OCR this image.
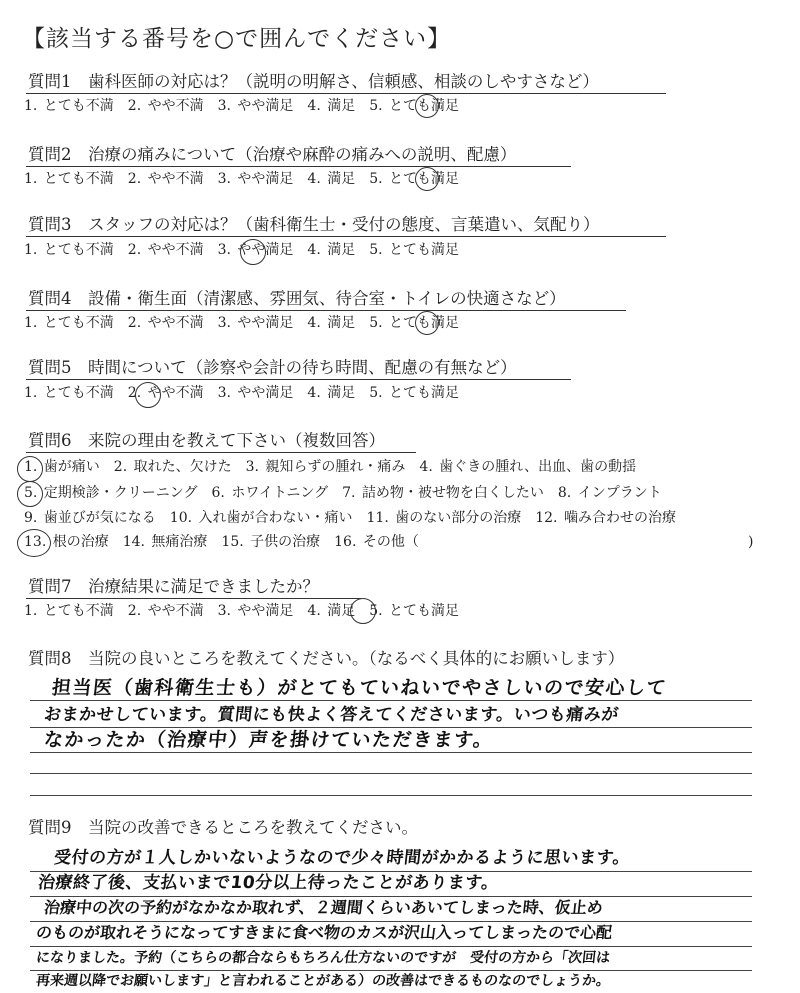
【該当する番号を○で囲んでください】
質問1　歯科医師の対応は？（説明の明解さ、信頼感、相談のしやすさなど）
1. とても不満　2. やや不満　3. やや満足　4. 満足　5. とても満足
質問2　治療の痛みについて（治療や麻酔の痛みへの説明、配慮）
1. とても不満　2. やや不満　3. やや満足　4. 満足　5. とても満足
質問3　スタッフの対応は？（歯科衛生士・受付の態度、言葉遣い、気配り）
1. とても不満　2. やや不満　3. やや満足　4. 満足　5. とても満足
質問4　設備・衛生面（清潔感、雰囲気、待合室・トイレの快適さなど）
1. とても不満　2. やや不満　3. やや満足　4. 満足　5. とても満足
質問5　時間について（診察や会計の待ち時間、配慮の有無など）
1. とても不満　2. やや不満　3. やや満足　4. 満足　5. とても満足
質問6　来院の理由を教えて下さい（複数回答）
1. 歯が痛い　2. 取れた、欠けた　3. 親知らずの腫れ・痛み　4. 歯ぐきの腫れ、出血、歯の動揺
5. 定期検診・クリーニング　6. ホワイトニング　7. 詰め物・被せ物を白くしたい　8. インプラント
9. 歯並びが気になる　10. 入れ歯が合わない・痛い　11. 歯のない部分の治療　12. 噛み合わせの治療
13. 根の治療　14. 無痛治療　15. 子供の治療　16. その他（	)
質問7　治療結果に満足できましたか？
1. とても不満　2. やや不満　3. やや満足　4. 満足　5. とても満足
質問8　当院の良いところを教えてください。（なるべく具体的にお願いします）
担当医（歯科衛生士も）がとてもていねいでやさしいので安心して
おまかせしています。質問にも快よく答えてくださいます。いつも痛みが
なかったか（治療中）声を掛けていただきます。
質問9　当院の改善できるところを教えてください。
受付の方が１人しかいないようなので少々時間がかかるように思います。
治療終了後、支払いまで10分以上待ったことがあります。
治療中の次の予約がなかなか取れず、２週間くらいあいてしまった時、仮止め
のものが取れそうになってすきまに食べ物のカスが沢山入ってしまったので心配
になりました。予約（こちらの都合ならもちろん仕方ないのですが　受付の方から「次回は
再来週以降でお願いします」と言われることがある）の改善はできるものなのでしょうか。
